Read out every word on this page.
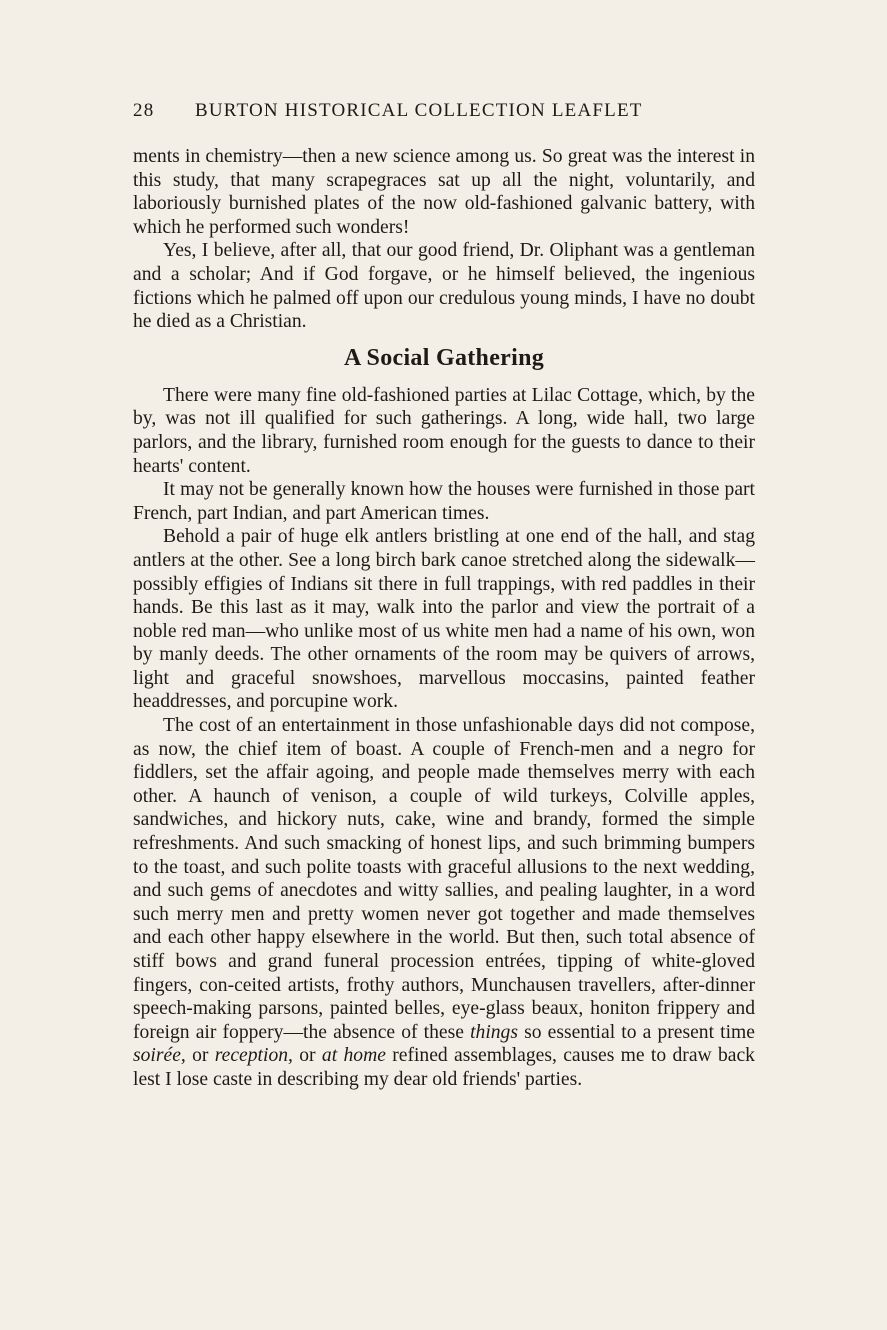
28 BURTON HISTORICAL COLLECTION LEAFLET

ments in chemistry—then a new science among us. So great was the interest in this study, that many scrapegraces sat up all the night, voluntarily, and laboriously burnished plates of the now old-fashioned galvanic battery, with which he performed such wonders!

Yes, I believe, after all, that our good friend, Dr. Oliphant was a gentleman and a scholar; And if God forgave, or he himself believed, the ingenious fictions which he palmed off upon our credulous young minds, I have no doubt he died as a Christian.

A Social Gathering

There were many fine old-fashioned parties at Lilac Cottage, which, by the by, was not ill qualified for such gatherings. A long, wide hall, two large parlors, and the library, furnished room enough for the guests to dance to their hearts' content.

It may not be generally known how the houses were furnished in those part French, part Indian, and part American times.

Behold a pair of huge elk antlers bristling at one end of the hall, and stag antlers at the other. See a long birch bark canoe stretched along the sidewalk—possibly effigies of Indians sit there in full trappings, with red paddles in their hands. Be this last as it may, walk into the parlor and view the portrait of a noble red man—who unlike most of us white men had a name of his own, won by manly deeds. The other ornaments of the room may be quivers of arrows, light and graceful snowshoes, marvellous moccasins, painted feather headdresses, and porcupine work.

The cost of an entertainment in those unfashionable days did not compose, as now, the chief item of boast. A couple of French-men and a negro for fiddlers, set the affair agoing, and people made themselves merry with each other. A haunch of venison, a couple of wild turkeys, Colville apples, sandwiches, and hickory nuts, cake, wine and brandy, formed the simple refreshments. And such smacking of honest lips, and such brimming bumpers to the toast, and such polite toasts with graceful allusions to the next wedding, and such gems of anecdotes and witty sallies, and pealing laughter, in a word such merry men and pretty women never got together and made themselves and each other happy elsewhere in the world. But then, such total absence of stiff bows and grand funeral procession entrées, tipping of white-gloved fingers, con-ceited artists, frothy authors, Munchausen travellers, after-dinner speech-making parsons, painted belles, eye-glass beaux, honiton frippery and foreign air foppery—the absence of these things so essential to a present time soirée, or reception, or at home refined assemblages, causes me to draw back lest I lose caste in describing my dear old friends' parties.
